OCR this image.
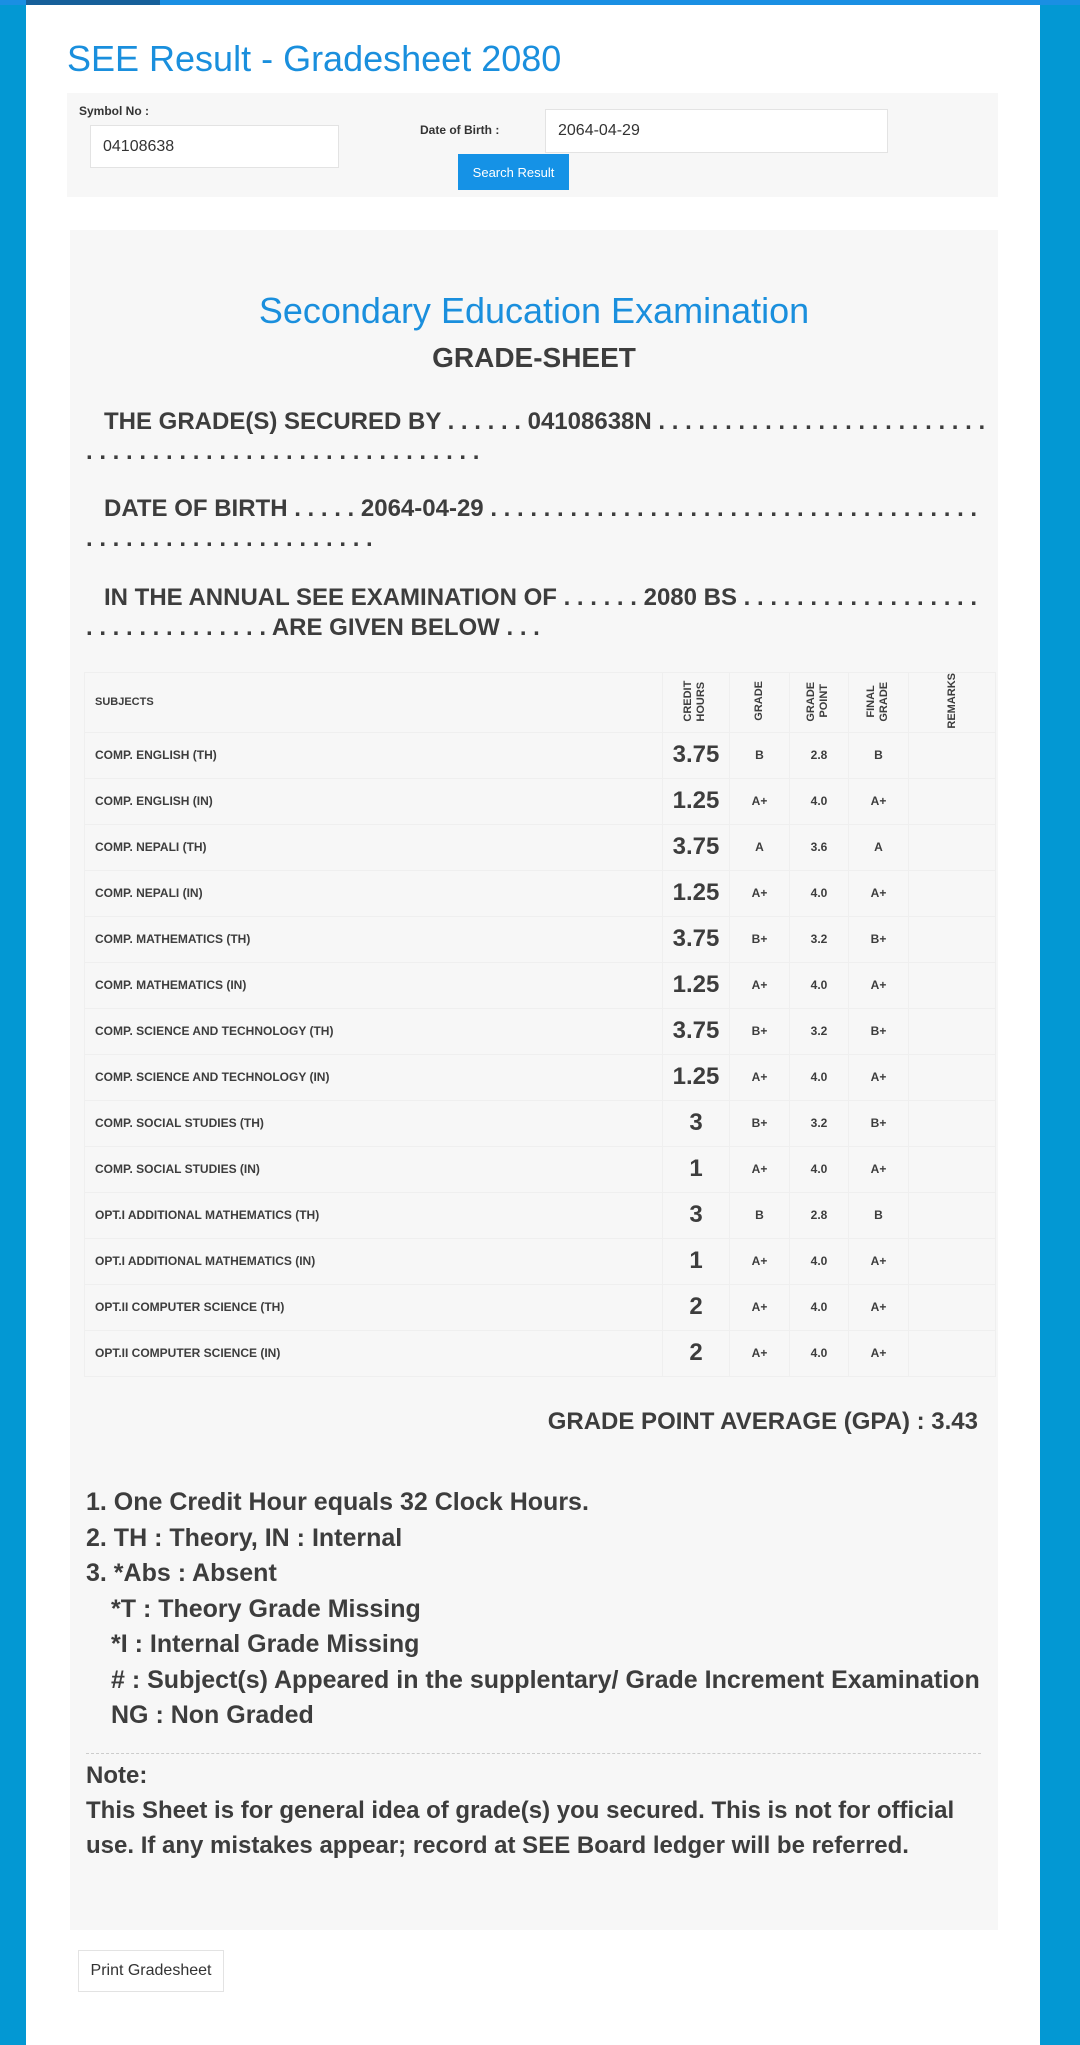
SEE Result - Gradesheet 2080
Symbol No :
04108638
Date of Birth :
2064-04-29
Search Result
Secondary Education Examination
GRADE-SHEET
THE GRADE(S) SECURED BY . . . . . . 04108638N . . . . . . . . . . . . . . . . . . . . . . . . . . . . . . . . . . . . . . . . . . . . . . . . . . . . . . .
DATE OF BIRTH . . . . . 2064-04-29 . . . . . . . . . . . . . . . . . . . . . . . . . . . . . . . . . . . . . . . . . . . . . . . . . . . . . . . . . . .
IN THE ANNUAL SEE EXAMINATION OF . . . . . . 2080 BS . . . . . . . . . . . . . . . . . . . . . . . . . . . . . . . . ARE GIVEN BELOW . . .
SUBJECTS	CREDIT HOURS	GRADE	GRADE POINT	FINAL GRADE	REMARKS
COMP. ENGLISH (TH)	3.75	B	2.8	B	
COMP. ENGLISH (IN)	1.25	A+	4.0	A+	
COMP. NEPALI (TH)	3.75	A	3.6	A	
COMP. NEPALI (IN)	1.25	A+	4.0	A+	
COMP. MATHEMATICS (TH)	3.75	B+	3.2	B+	
COMP. MATHEMATICS (IN)	1.25	A+	4.0	A+	
COMP. SCIENCE AND TECHNOLOGY (TH)	3.75	B+	3.2	B+	
COMP. SCIENCE AND TECHNOLOGY (IN)	1.25	A+	4.0	A+	
COMP. SOCIAL STUDIES (TH)	3	B+	3.2	B+	
COMP. SOCIAL STUDIES (IN)	1	A+	4.0	A+	
OPT.I ADDITIONAL MATHEMATICS (TH)	3	B	2.8	B	
OPT.I ADDITIONAL MATHEMATICS (IN)	1	A+	4.0	A+	
OPT.II COMPUTER SCIENCE (TH)	2	A+	4.0	A+	
OPT.II COMPUTER SCIENCE (IN)	2	A+	4.0	A+	
GRADE POINT AVERAGE (GPA) : 3.43
1. One Credit Hour equals 32 Clock Hours.
2. TH : Theory, IN : Internal
3. *Abs : Absent
*T : Theory Grade Missing
*I : Internal Grade Missing
# : Subject(s) Appeared in the supplentary/ Grade Increment Examination
NG : Non Graded
Note:
This Sheet is for general idea of grade(s) you secured. This is not for official use. If any mistakes appear; record at SEE Board ledger will be referred.
Print Gradesheet
